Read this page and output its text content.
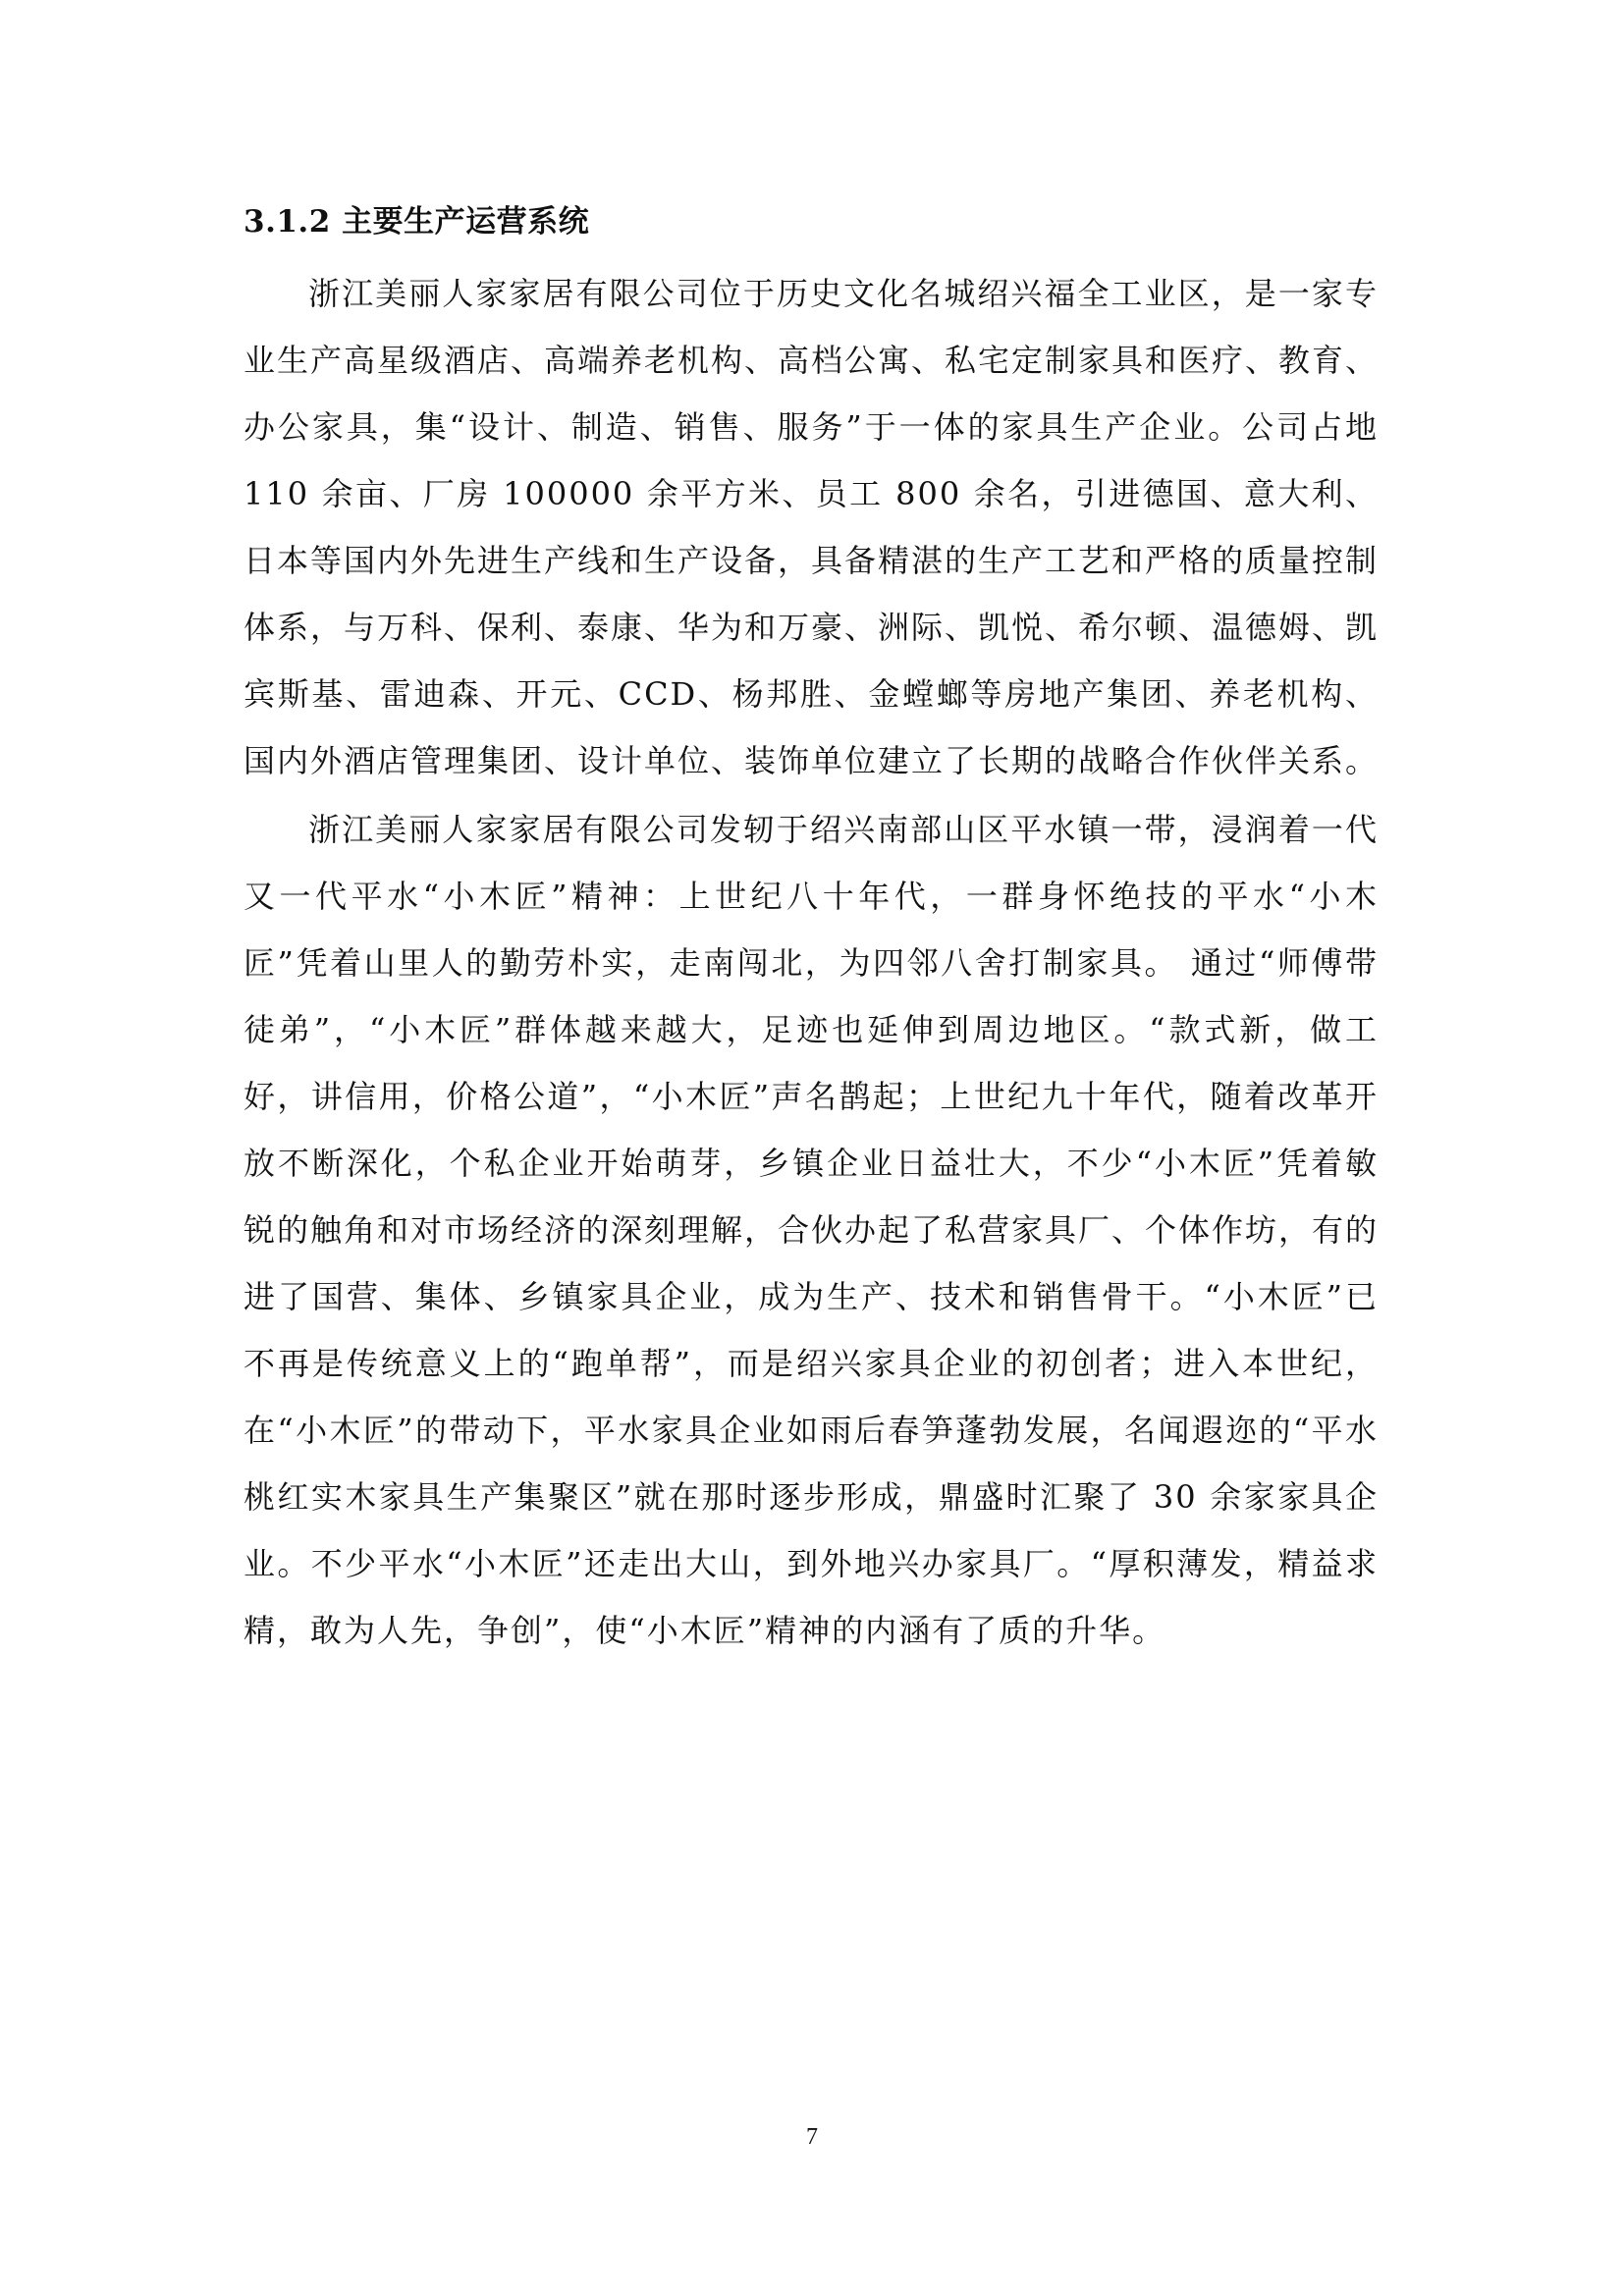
3.1.2 主要生产运营系统

浙江美丽人家家居有限公司位于历史文化名城绍兴福全工业区，是一家专业生产高星级酒店、高端养老机构、高档公寓、私宅定制家具和医疗、教育、办公家具，集“设计、制造、销售、服务”于一体的家具生产企业。公司占地110 余亩、厂房 100000 余平方米、员工 800 余名，引进德国、意大利、日本等国内外先进生产线和生产设备，具备精湛的生产工艺和严格的质量控制体系，与万科、保利、泰康、华为和万豪、洲际、凯悦、希尔顿、温德姆、凯宾斯基、雷迪森、开元、CCD、杨邦胜、金螳螂等房地产集团、养老机构、国内外酒店管理集团、设计单位、装饰单位建立了长期的战略合作伙伴关系。

浙江美丽人家家居有限公司发轫于绍兴南部山区平水镇一带，浸润着一代又一代平水“小木匠”精神：上世纪八十年代，一群身怀绝技的平水“小木匠”凭着山里人的勤劳朴实，走南闯北，为四邻八舍打制家具。 通过“师傅带徒弟”，“小木匠”群体越来越大，足迹也延伸到周边地区。“款式新，做工好，讲信用，价格公道”，“小木匠”声名鹊起；上世纪九十年代，随着改革开放不断深化，个私企业开始萌芽，乡镇企业日益壮大，不少“小木匠”凭着敏锐的触角和对市场经济的深刻理解，合伙办起了私营家具厂、个体作坊，有的进了国营、集体、乡镇家具企业，成为生产、技术和销售骨干。“小木匠”已不再是传统意义上的“跑单帮”，而是绍兴家具企业的初创者；进入本世纪，在“小木匠”的带动下，平水家具企业如雨后春笋蓬勃发展，名闻遐迩的“平水桃红实木家具生产集聚区”就在那时逐步形成，鼎盛时汇聚了 30 余家家具企业。不少平水“小木匠”还走出大山，到外地兴办家具厂。“厚积薄发，精益求精，敢为人先，争创”，使“小木匠”精神的内涵有了质的升华。

7
